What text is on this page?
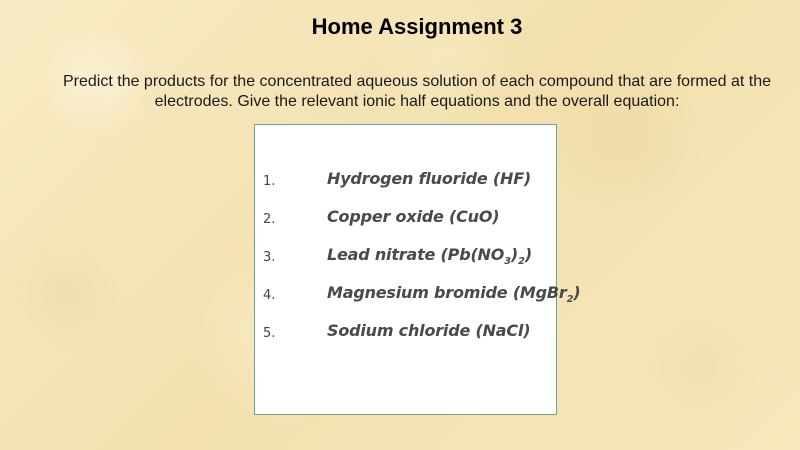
Home Assignment 3

Predict the products for the concentrated aqueous solution of each compound that are formed at the electrodes. Give the relevant ionic half equations and the overall equation:

1.	Hydrogen fluoride (HF)
2.	Copper oxide (CuO)
3.	Lead nitrate $(Pb(NO_3)_2)$
4.	Magnesium bromide (MgBr$_2$)
5.	Sodium chloride (NaCl)
